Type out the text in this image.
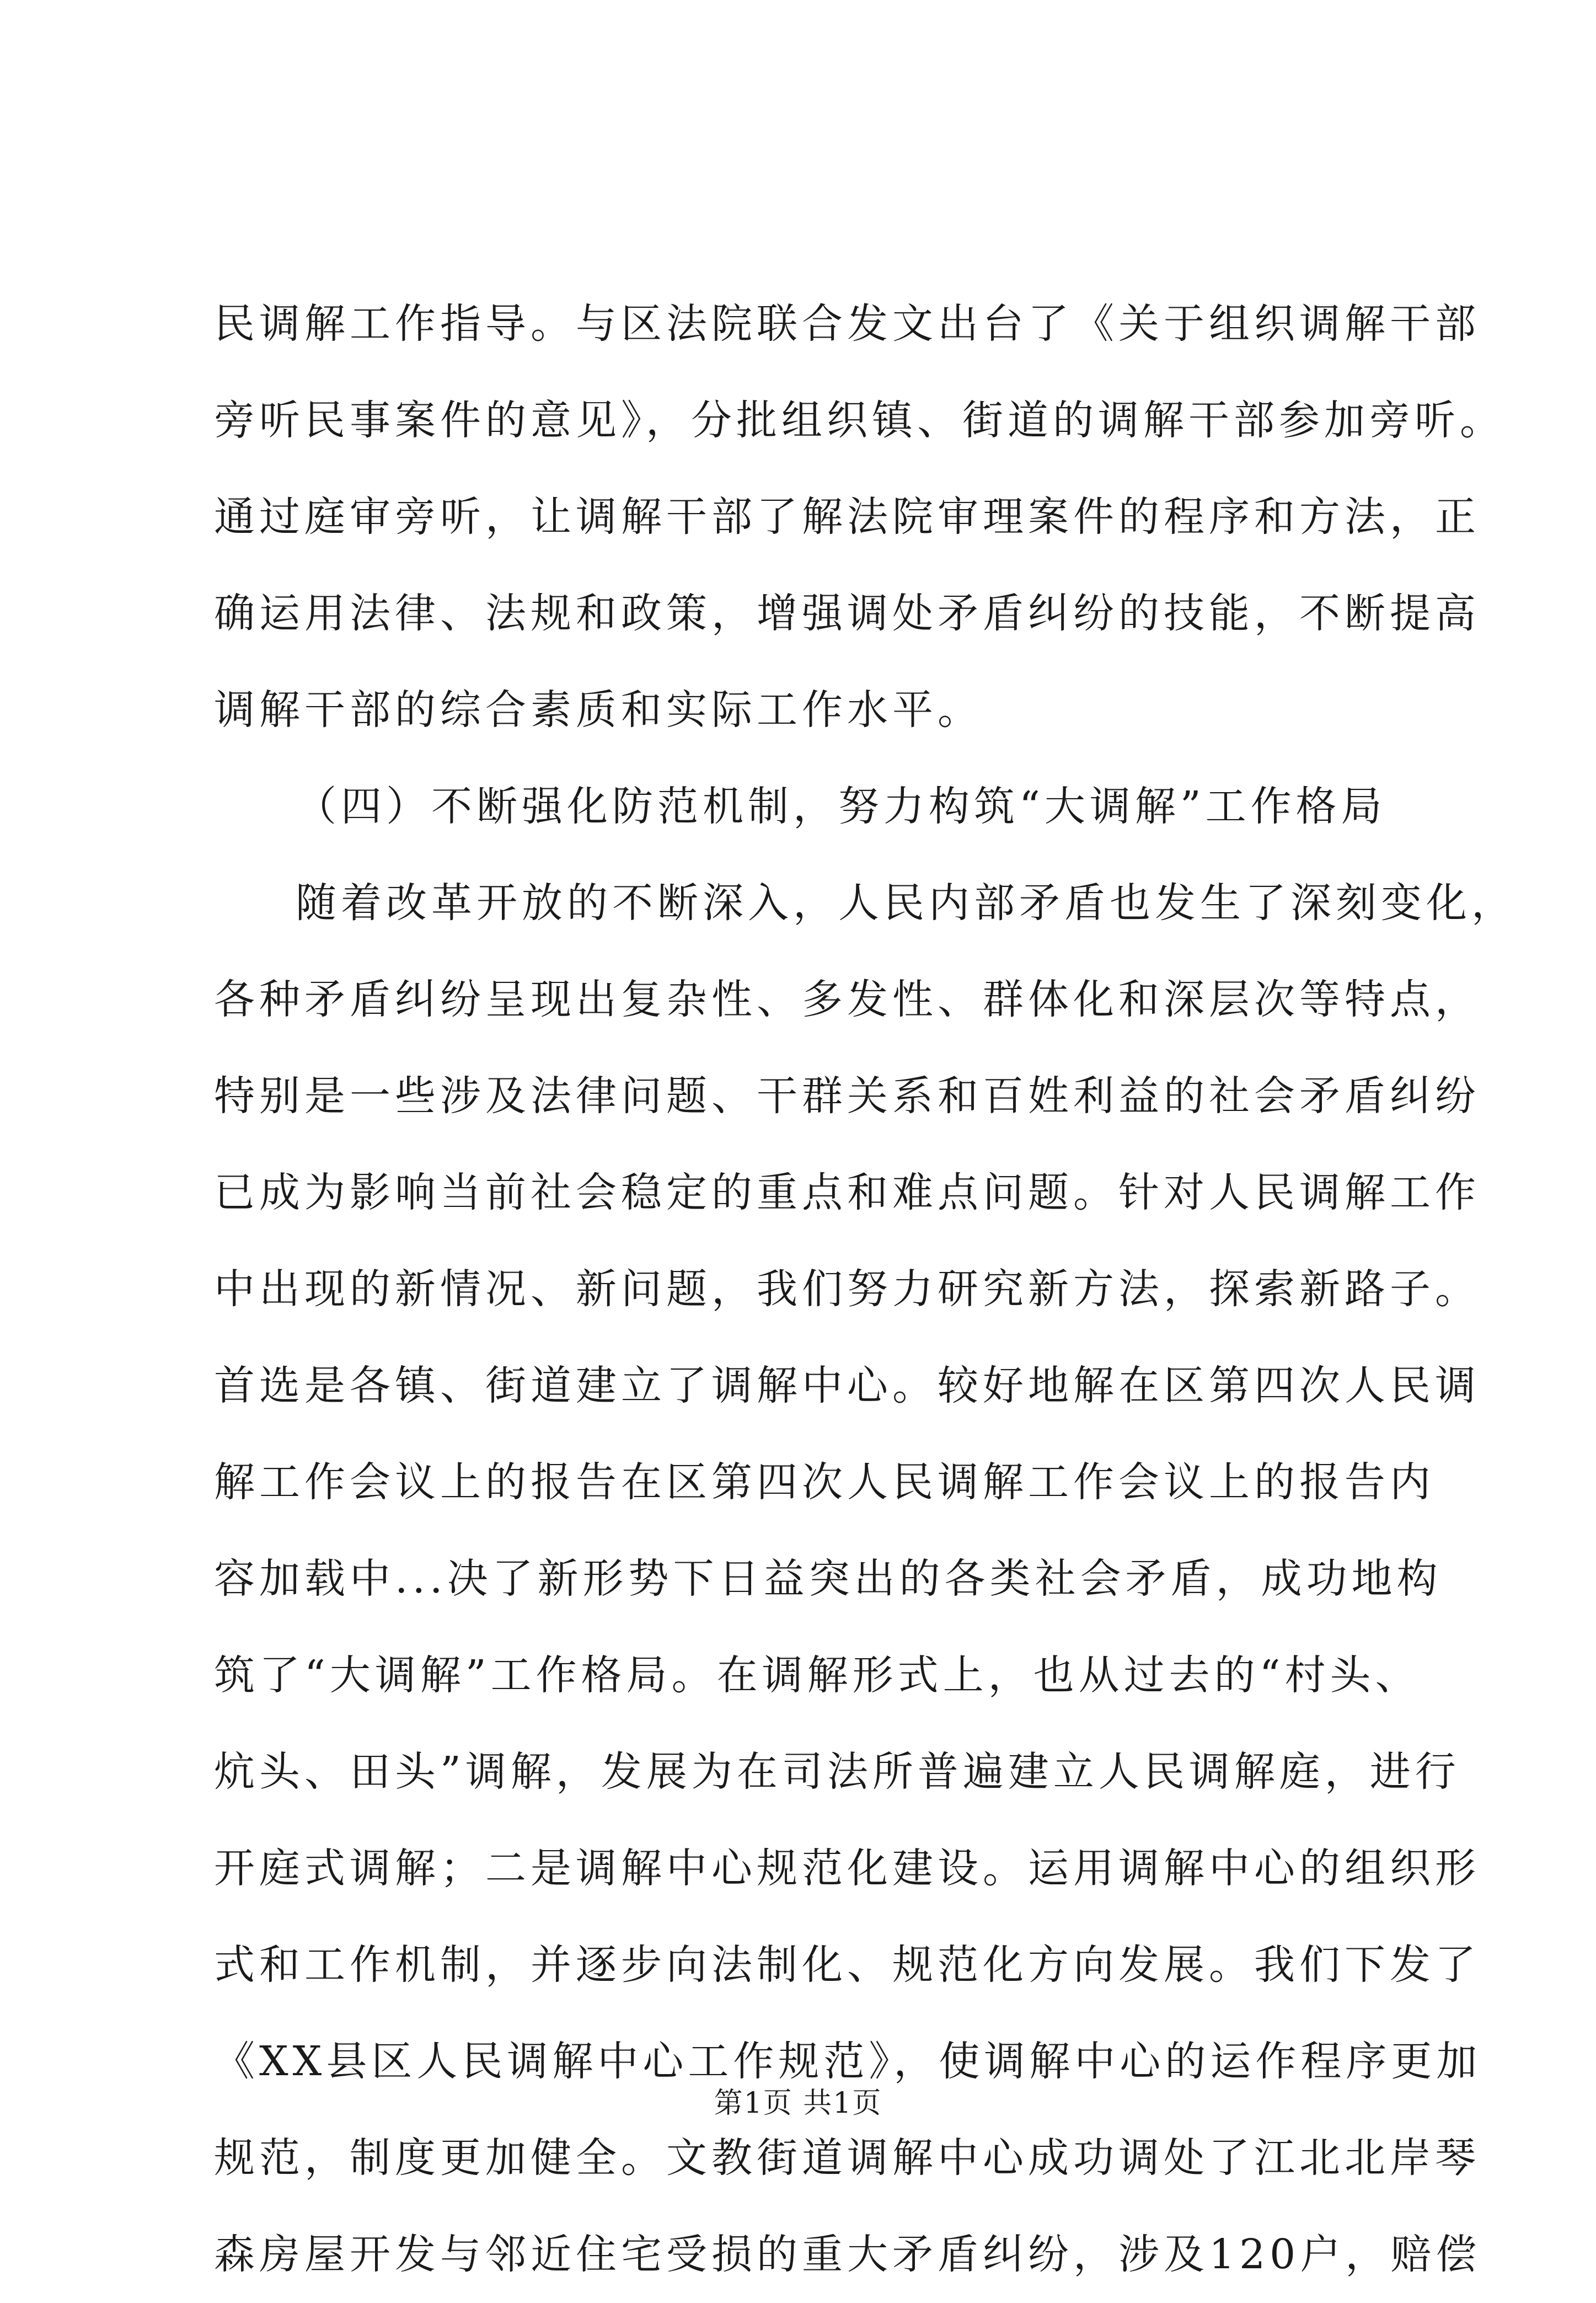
民调解工作指导。与区法院联合发文出台了《关于组织调解干部
旁听民事案件的意见》，分批组织镇、街道的调解干部参加旁听。
通过庭审旁听，让调解干部了解法院审理案件的程序和方法，正
确运用法律、法规和政策，增强调处矛盾纠纷的技能，不断提高
调解干部的综合素质和实际工作水平。
（四）不断强化防范机制，努力构筑“大调解”工作格局
随着改革开放的不断深入，人民内部矛盾也发生了深刻变化，
各种矛盾纠纷呈现出复杂性、多发性、群体化和深层次等特点，
特别是一些涉及法律问题、干群关系和百姓利益的社会矛盾纠纷
已成为影响当前社会稳定的重点和难点问题。针对人民调解工作
中出现的新情况、新问题，我们努力研究新方法，探索新路子。
首选是各镇、街道建立了调解中心。较好地解在区第四次人民调
解工作会议上的报告在区第四次人民调解工作会议上的报告内
容加载中...决了新形势下日益突出的各类社会矛盾，成功地构
筑了“大调解”工作格局。在调解形式上，也从过去的“村头、
炕头、田头”调解，发展为在司法所普遍建立人民调解庭，进行
开庭式调解；二是调解中心规范化建设。运用调解中心的组织形
式和工作机制，并逐步向法制化、规范化方向发展。我们下发了
《XX县区人民调解中心工作规范》，使调解中心的运作程序更加
规范，制度更加健全。文教街道调解中心成功调处了江北北岸琴
森房屋开发与邻近住宅受损的重大矛盾纠纷，涉及120户，赔偿
第1页 共1页
